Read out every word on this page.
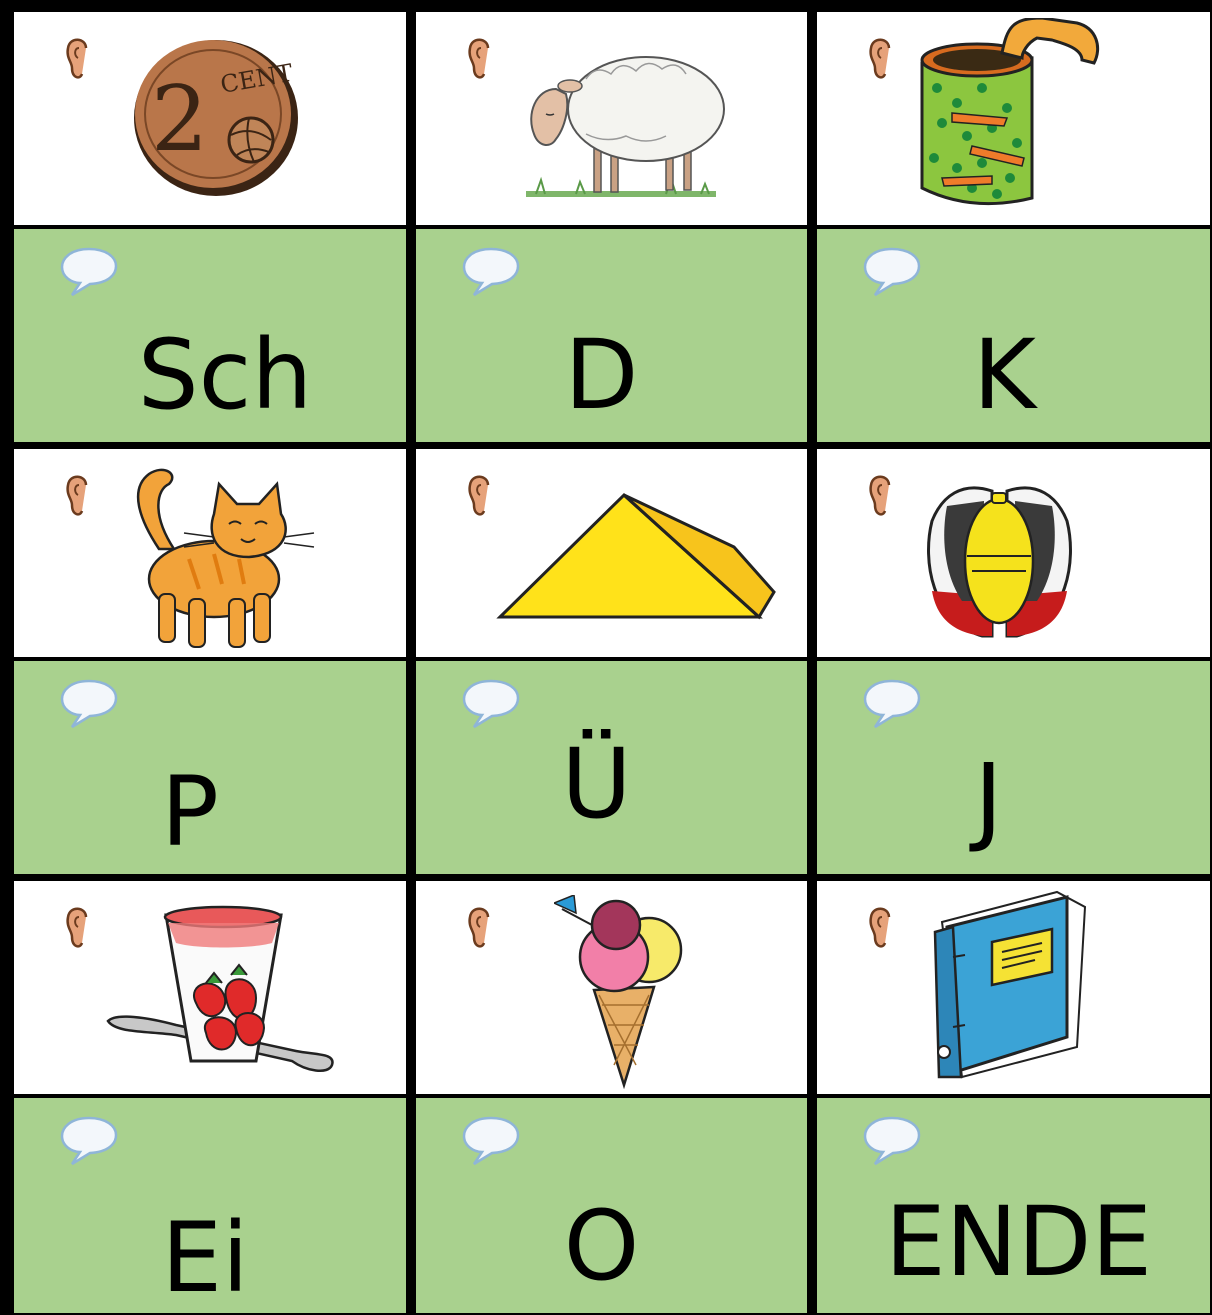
2 CENT
Sch	D	K
P	Ü	J
Ei	O	ENDE
